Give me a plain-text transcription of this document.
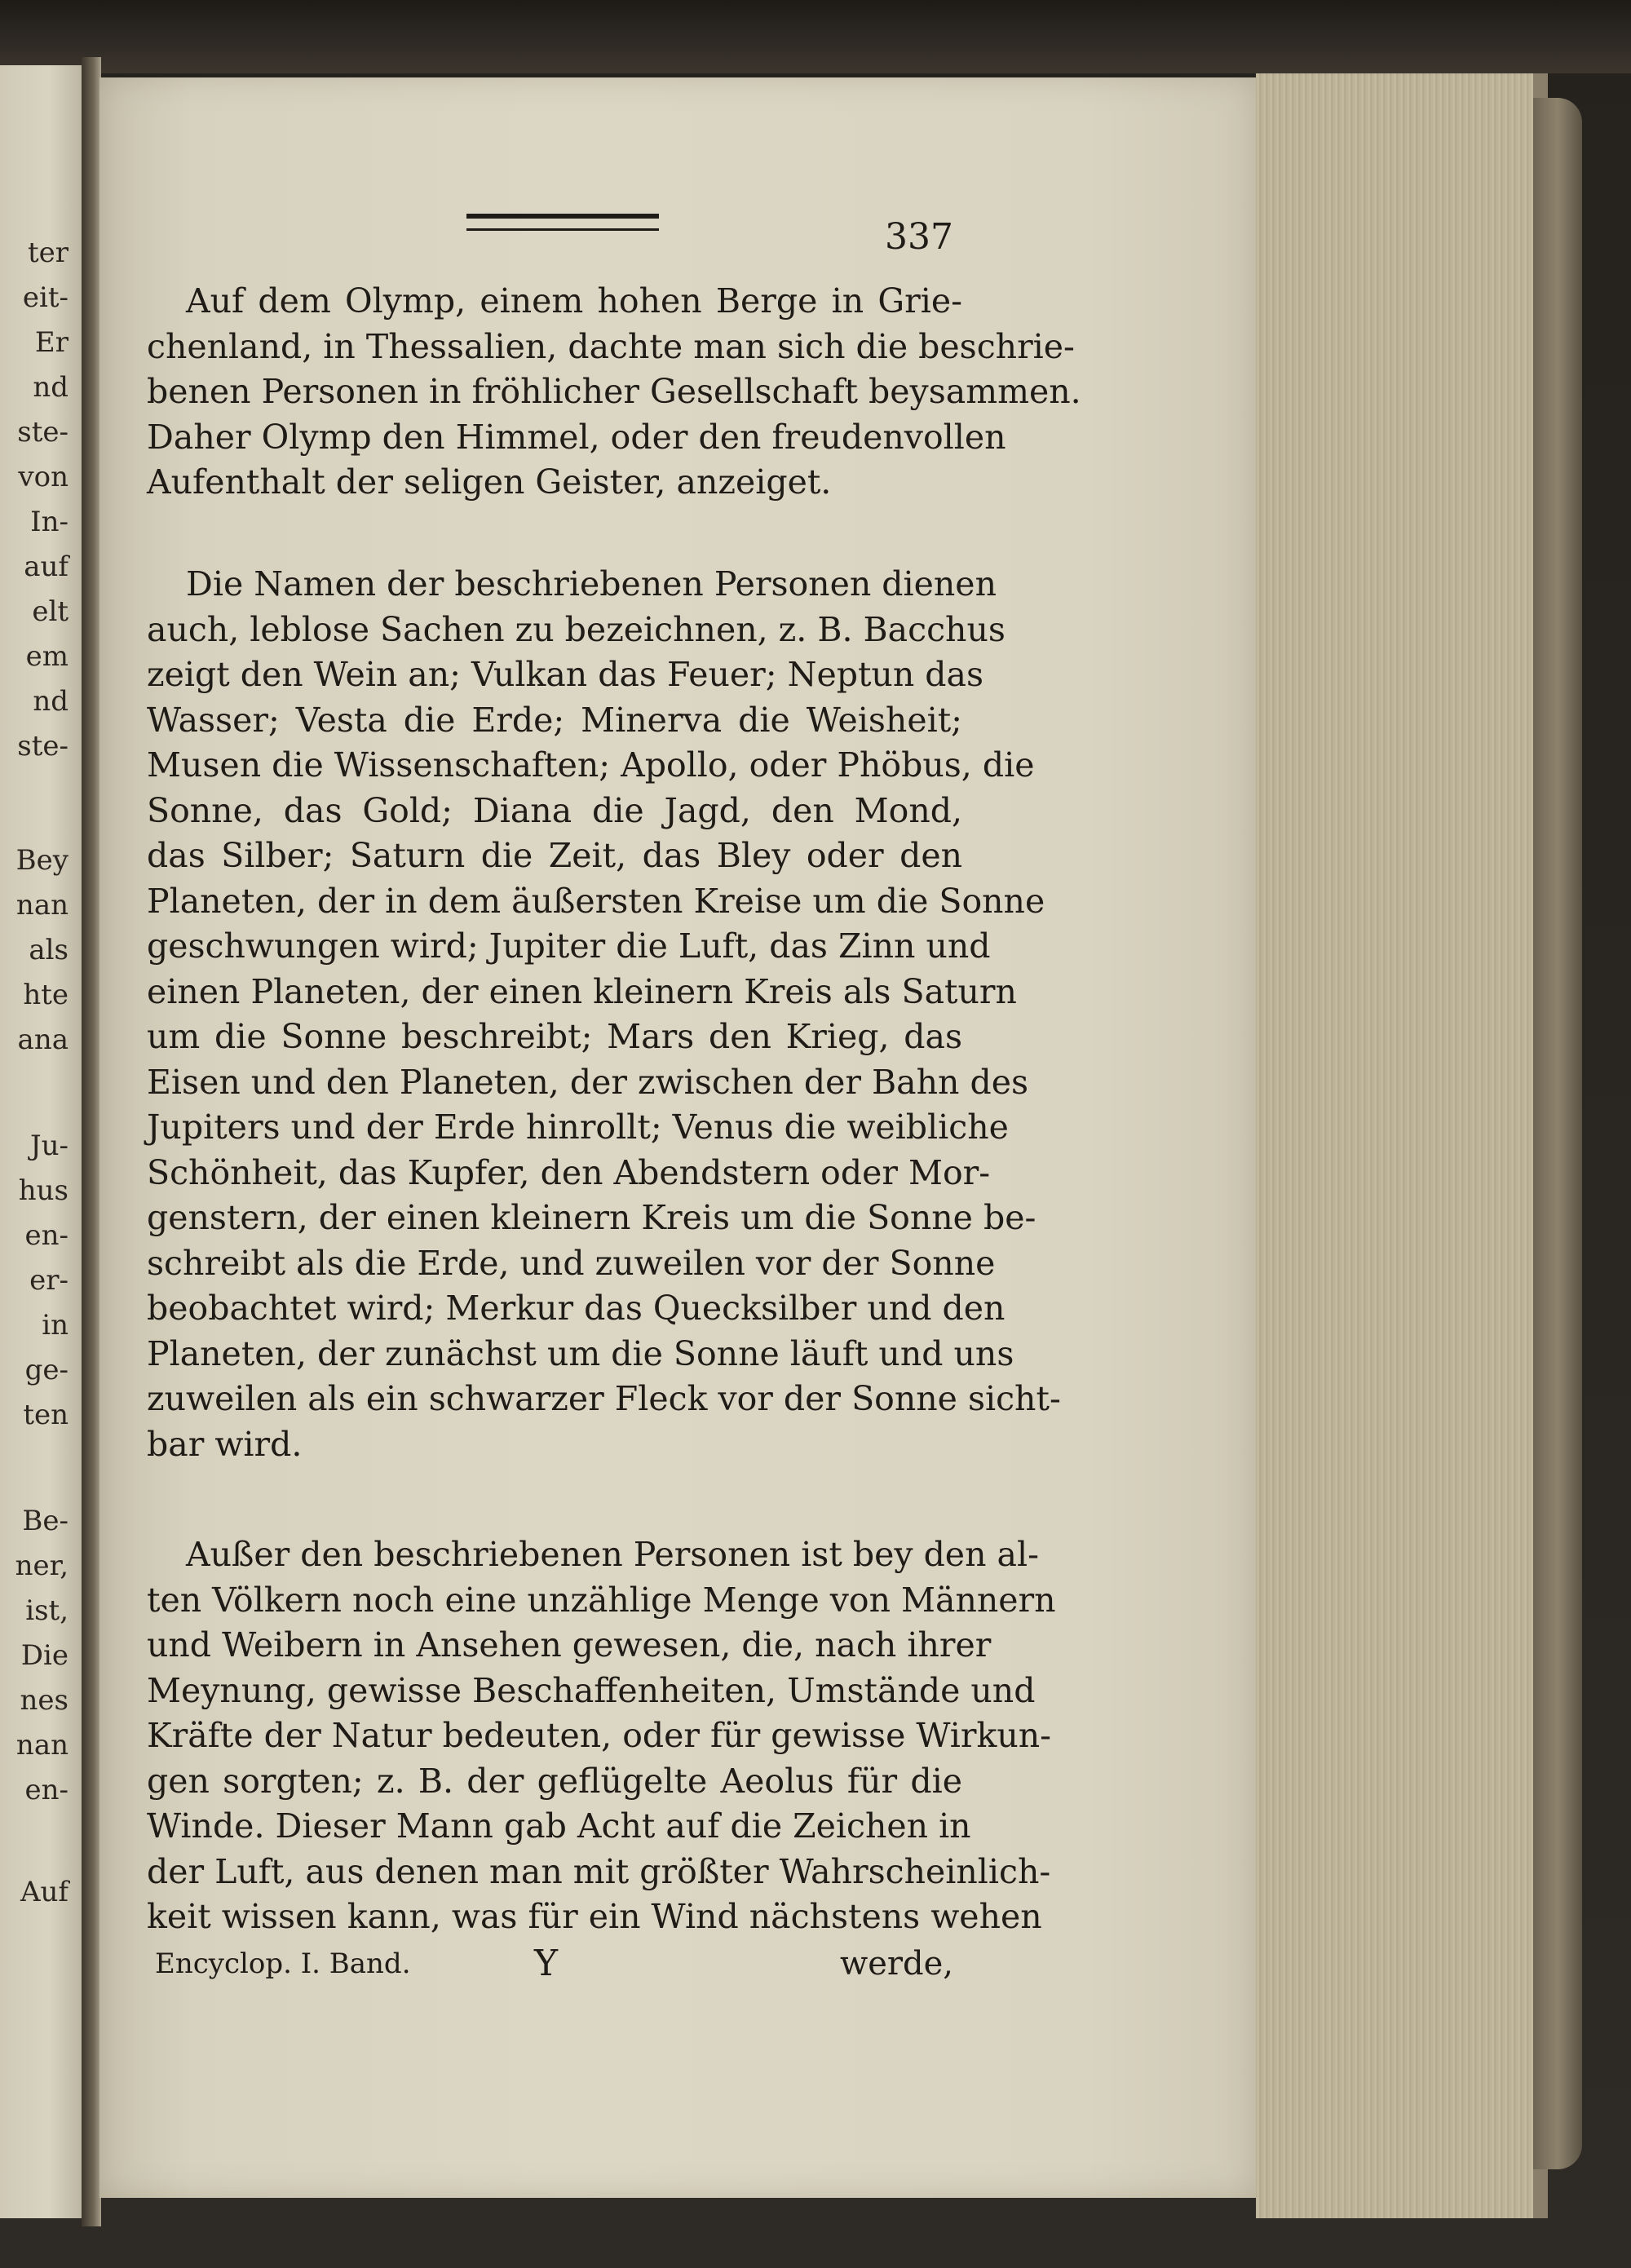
ter
eit-
Er
nd
ste-
von
In-
auf
elt
em
nd
ste-
Bey
nan
als
hte
ana
Ju-
hus
en-
er-
in
ge-
ten
Be-
ner,
ist,
Die
nes
nan
en-
Auf
337
Auf dem Olymp, einem hohen Berge in Grie-
chenland, in Thessalien, dachte man sich die beschrie-
benen Personen in fröhlicher Gesellschaft beysammen.
Daher Olymp den Himmel, oder den freudenvollen
Aufenthalt der seligen Geister, anzeiget.
Die Namen der beschriebenen Personen dienen
auch, leblose Sachen zu bezeichnen, z. B. Bacchus
zeigt den Wein an; Vulkan das Feuer; Neptun das
Wasser; Vesta die Erde; Minerva die Weisheit;
Musen die Wissenschaften; Apollo, oder Phöbus, die
Sonne, das Gold; Diana die Jagd, den Mond,
das Silber; Saturn die Zeit, das Bley oder den
Planeten, der in dem äußersten Kreise um die Sonne
geschwungen wird; Jupiter die Luft, das Zinn und
einen Planeten, der einen kleinern Kreis als Saturn
um die Sonne beschreibt; Mars den Krieg, das
Eisen und den Planeten, der zwischen der Bahn des
Jupiters und der Erde hinrollt; Venus die weibliche
Schönheit, das Kupfer, den Abendstern oder Mor-
genstern, der einen kleinern Kreis um die Sonne be-
schreibt als die Erde, und zuweilen vor der Sonne
beobachtet wird; Merkur das Quecksilber und den
Planeten, der zunächst um die Sonne läuft und uns
zuweilen als ein schwarzer Fleck vor der Sonne sicht-
bar wird.
Außer den beschriebenen Personen ist bey den al-
ten Völkern noch eine unzählige Menge von Männern
und Weibern in Ansehen gewesen, die, nach ihrer
Meynung, gewisse Beschaffenheiten, Umstände und
Kräfte der Natur bedeuten, oder für gewisse Wirkun-
gen sorgten; z. B. der geflügelte Aeolus für die
Winde. Dieser Mann gab Acht auf die Zeichen in
der Luft, aus denen man mit größter Wahrscheinlich-
keit wissen kann, was für ein Wind nächstens wehen
Encyclop. I. Band.	Y	werde,
